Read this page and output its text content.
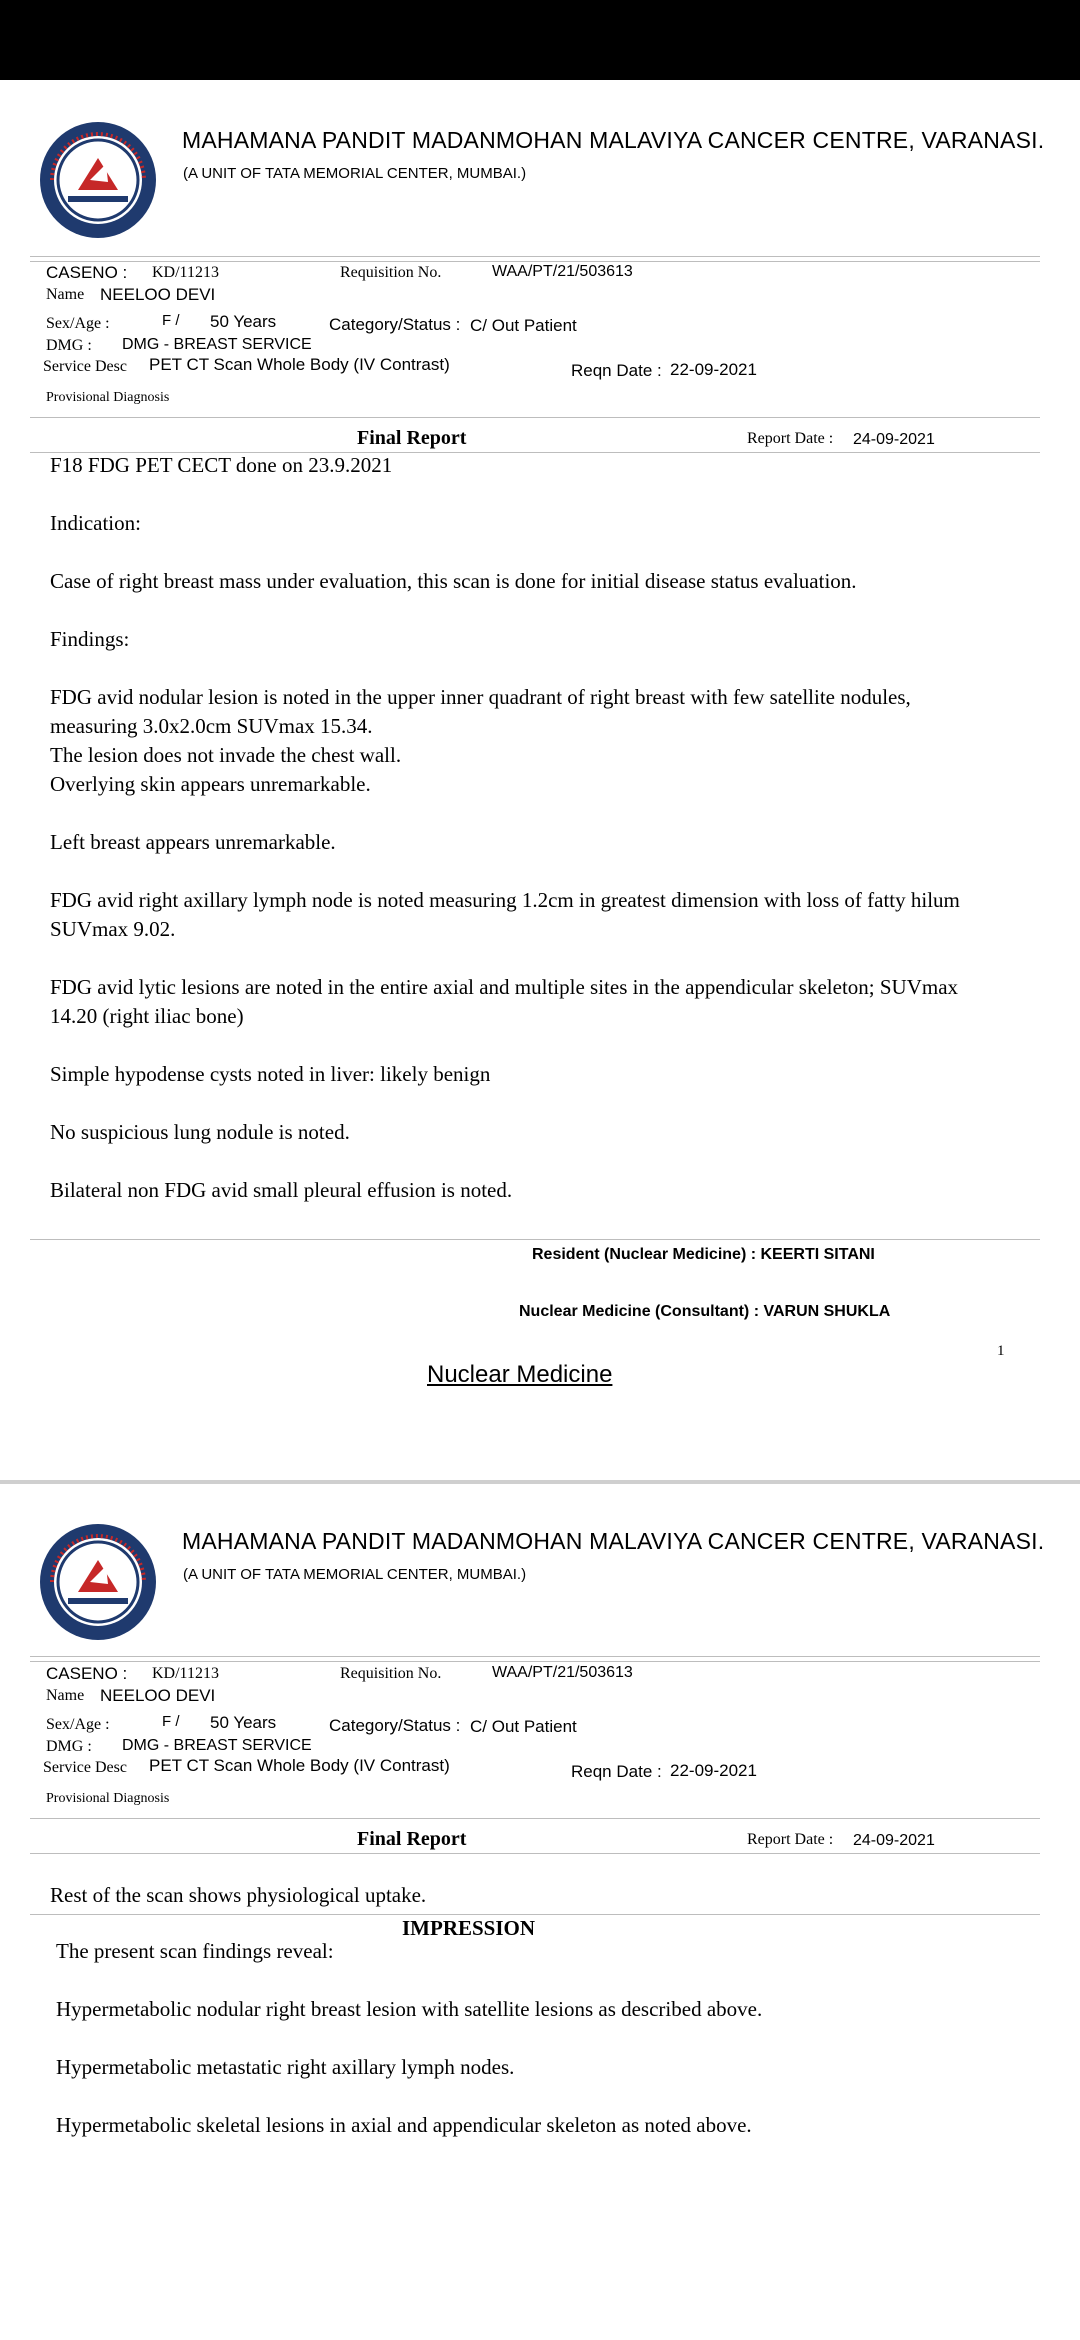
MAHAMANA PANDIT MADANMOHAN MALAVIYA CANCER CENTRE, VARANASI.
(A UNIT OF TATA MEMORIAL CENTER, MUMBAI.)
CASENO : KD/11213	Requisition No.	WAA/PT/21/503613
Name NEELOO DEVI
Sex/Age :	F / 50 Years	Category/Status : C/ Out Patient
DMG : DMG - BREAST SERVICE
Service Desc PET CT Scan Whole Body (IV Contrast)	Reqn Date : 22-09-2021
Provisional Diagnosis
Final Report	Report Date : 24-09-2021
F18 FDG PET CECT done on 23.9.2021
Indication:
Case of right breast mass under evaluation, this scan is done for initial disease status evaluation.
Findings:
FDG avid nodular lesion is noted in the upper inner quadrant of right breast with few satellite nodules,
measuring 3.0x2.0cm SUVmax 15.34.
The lesion does not invade the chest wall.
Overlying skin appears unremarkable.
Left breast appears unremarkable.
FDG avid right axillary lymph node is noted measuring 1.2cm in greatest dimension with loss of fatty hilum
SUVmax 9.02.
FDG avid lytic lesions are noted in the entire axial and multiple sites in the appendicular skeleton; SUVmax
14.20 (right iliac bone)
Simple hypodense cysts noted in liver: likely benign
No suspicious lung nodule is noted.
Bilateral non FDG avid small pleural effusion is noted.
Resident (Nuclear Medicine) : KEERTI SITANI
Nuclear Medicine (Consultant) : VARUN SHUKLA
1
Nuclear Medicine
MAHAMANA PANDIT MADANMOHAN MALAVIYA CANCER CENTRE, VARANASI.
(A UNIT OF TATA MEMORIAL CENTER, MUMBAI.)
CASENO : KD/11213	Requisition No.	WAA/PT/21/503613
Name NEELOO DEVI
Sex/Age :	F / 50 Years	Category/Status : C/ Out Patient
DMG : DMG - BREAST SERVICE
Service Desc PET CT Scan Whole Body (IV Contrast)	Reqn Date : 22-09-2021
Provisional Diagnosis
Final Report	Report Date : 24-09-2021
Rest of the scan shows physiological uptake.
IMPRESSION
The present scan findings reveal:
Hypermetabolic nodular right breast lesion with satellite lesions as described above.
Hypermetabolic metastatic right axillary lymph nodes.
Hypermetabolic skeletal lesions in axial and appendicular skeleton as noted above.
